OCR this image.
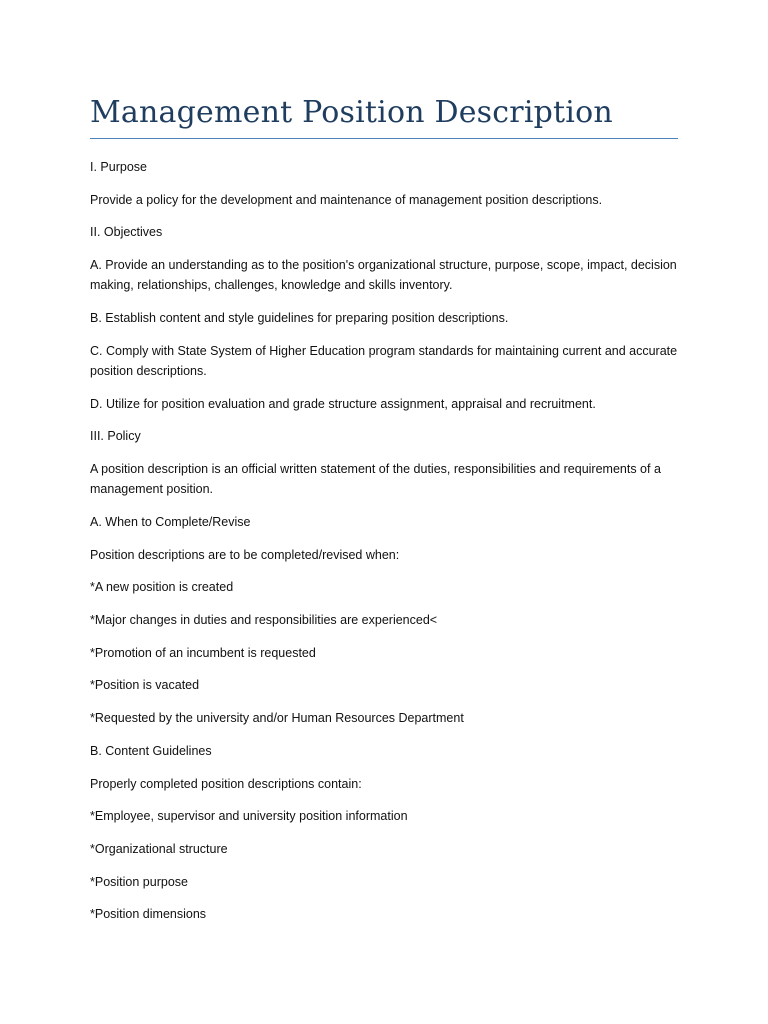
Management Position Description

I. Purpose

Provide a policy for the development and maintenance of management position descriptions.

II. Objectives

A. Provide an understanding as to the position's organizational structure, purpose, scope, impact, decision making, relationships, challenges, knowledge and skills inventory.

B. Establish content and style guidelines for preparing position descriptions.

C. Comply with State System of Higher Education program standards for maintaining current and accurate position descriptions.

D. Utilize for position evaluation and grade structure assignment, appraisal and recruitment.

III. Policy

A position description is an official written statement of the duties, responsibilities and requirements of a management position.

A. When to Complete/Revise

Position descriptions are to be completed/revised when:

*A new position is created

*Major changes in duties and responsibilities are experienced<

*Promotion of an incumbent is requested

*Position is vacated

*Requested by the university and/or Human Resources Department

B. Content Guidelines

Properly completed position descriptions contain:

*Employee, supervisor and university position information

*Organizational structure

*Position purpose

*Position dimensions
